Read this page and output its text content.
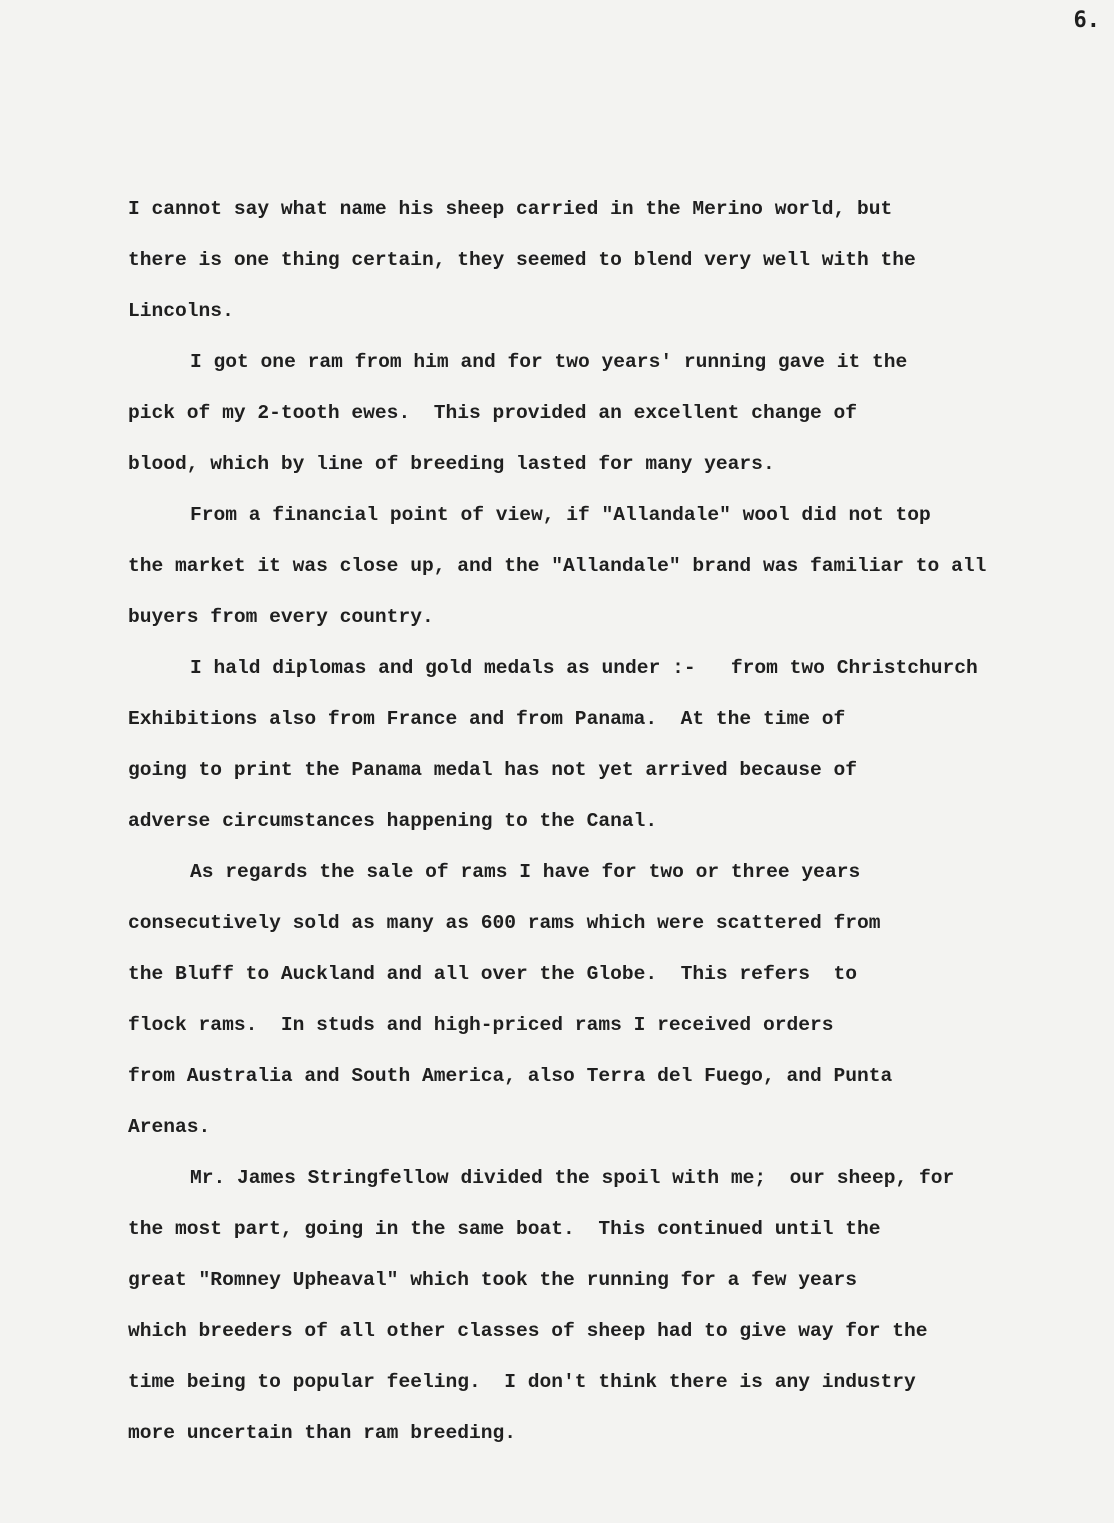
6.
I cannot say what name his sheep carried in the Merino world, but
there is one thing certain, they seemed to blend very well with the
Lincolns.
I got one ram from him and for two years' running gave it the
pick of my 2-tooth ewes.  This provided an excellent change of
blood, which by line of breeding lasted for many years.
From a financial point of view, if "Allandale" wool did not top
the market it was close up, and the "Allandale" brand was familiar to all
buyers from every country.
I hald diplomas and gold medals as under :-   from two Christchurch
Exhibitions also from France and from Panama.  At the time of
going to print the Panama medal has not yet arrived because of
adverse circumstances happening to the Canal.
As regards the sale of rams I have for two or three years
consecutively sold as many as 600 rams which were scattered from
the Bluff to Auckland and all over the Globe.  This refers  to
flock rams.  In studs and high-priced rams I received orders
from Australia and South America, also Terra del Fuego, and Punta
Arenas.
Mr. James Stringfellow divided the spoil with me;  our sheep, for
the most part, going in the same boat.  This continued until the
great "Romney Upheaval" which took the running for a few years
which breeders of all other classes of sheep had to give way for the
time being to popular feeling.  I don't think there is any industry
more uncertain than ram breeding.
